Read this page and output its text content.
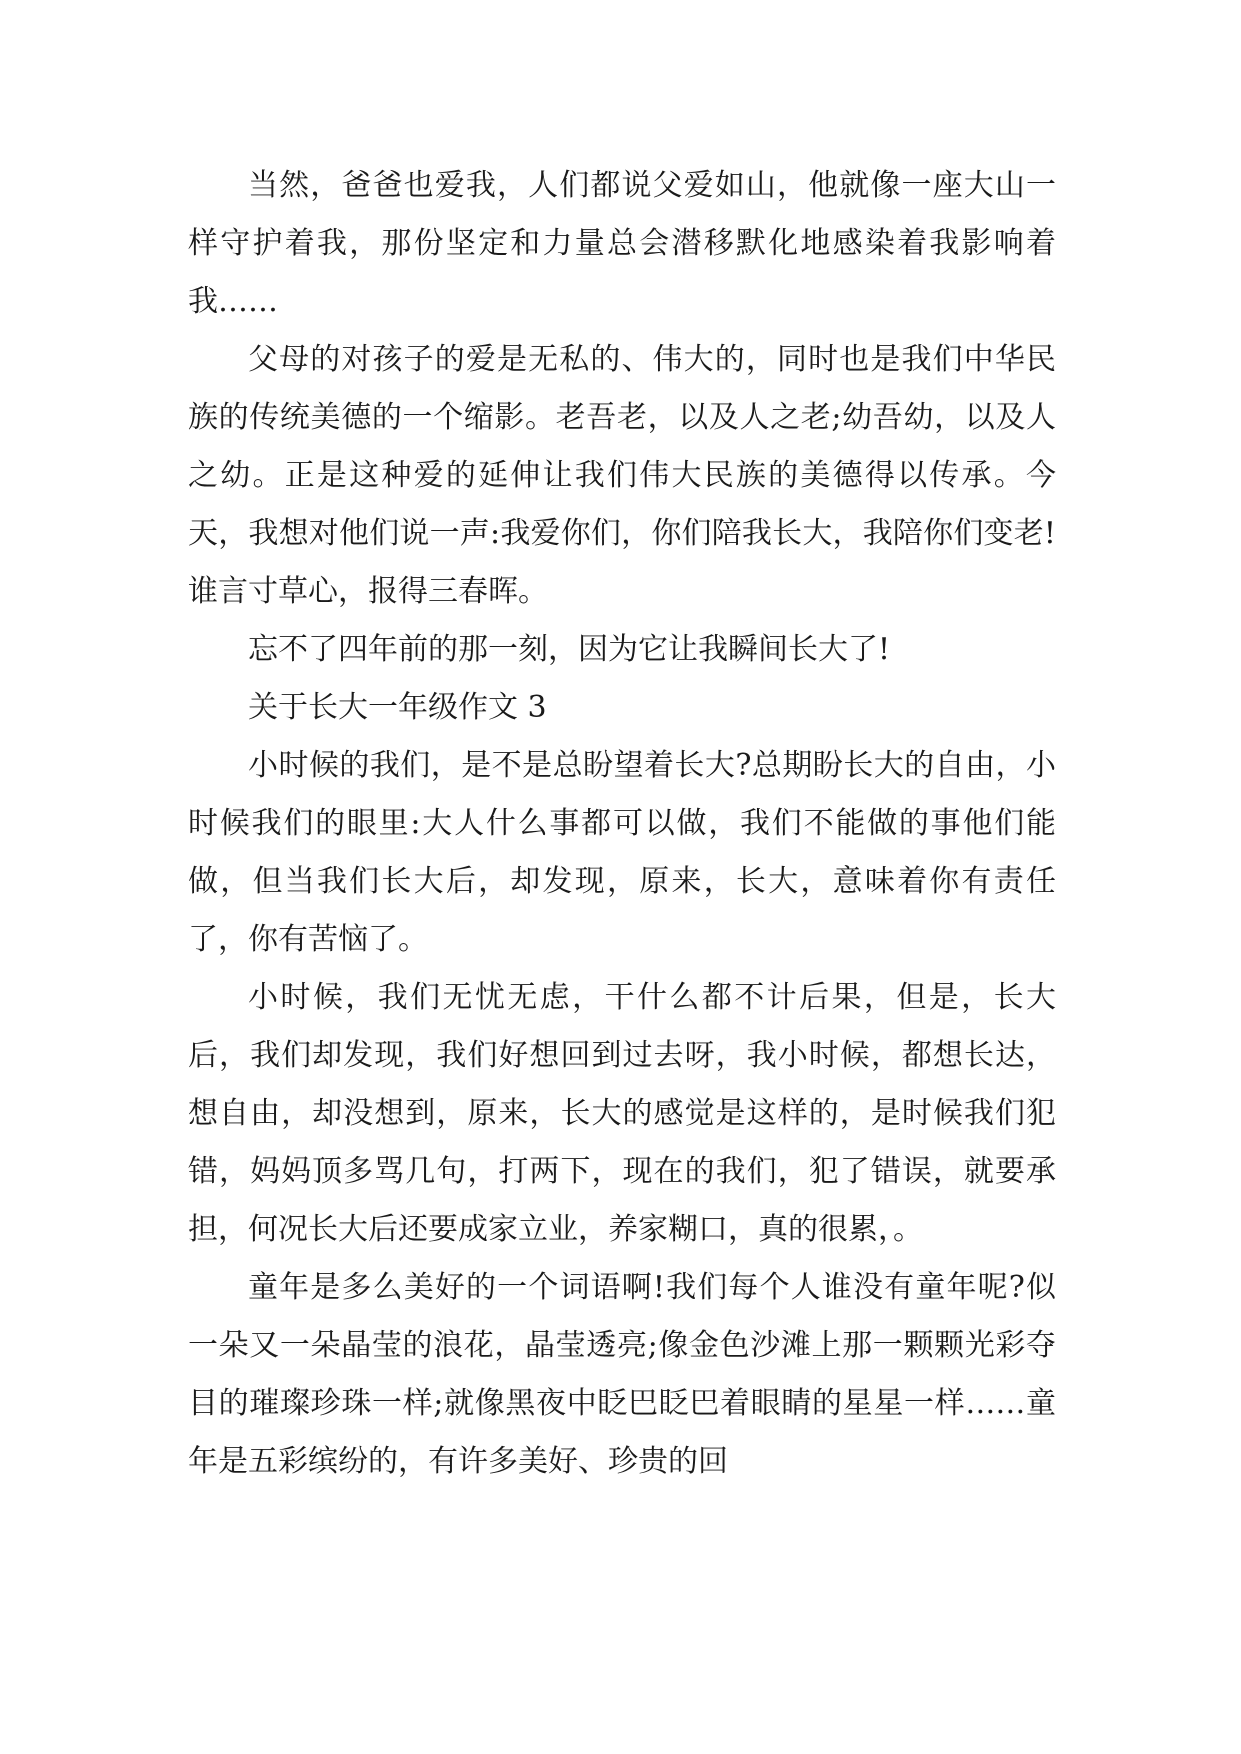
当然，爸爸也爱我，人们都说父爱如山，他就像一座大山一样守护着我，那份坚定和力量总会潜移默化地感染着我影响着我……

父母的对孩子的爱是无私的、伟大的，同时也是我们中华民族的传统美德的一个缩影。老吾老，以及人之老;幼吾幼，以及人之幼。正是这种爱的延伸让我们伟大民族的美德得以传承。今天，我想对他们说一声:我爱你们，你们陪我长大，我陪你们变老!谁言寸草心，报得三春晖。

忘不了四年前的那一刻，因为它让我瞬间长大了!

关于长大一年级作文 3

小时候的我们，是不是总盼望着长大?总期盼长大的自由，小时候我们的眼里:大人什么事都可以做，我们不能做的事他们能做，但当我们长大后，却发现，原来，长大，意味着你有责任了，你有苦恼了。

小时候，我们无忧无虑，干什么都不计后果，但是，长大后，我们却发现，我们好想回到过去呀，我小时候，都想长达，想自由，却没想到，原来，长大的感觉是这样的，是时候我们犯错，妈妈顶多骂几句，打两下，现在的我们，犯了错误，就要承担，何况长大后还要成家立业，养家糊口，真的很累，。

童年是多么美好的一个词语啊!我们每个人谁没有童年呢?似一朵又一朵晶莹的浪花，晶莹透亮;像金色沙滩上那一颗颗光彩夺目的璀璨珍珠一样;就像黑夜中眨巴眨巴着眼睛的星星一样……童年是五彩缤纷的，有许多美好、珍贵的回
